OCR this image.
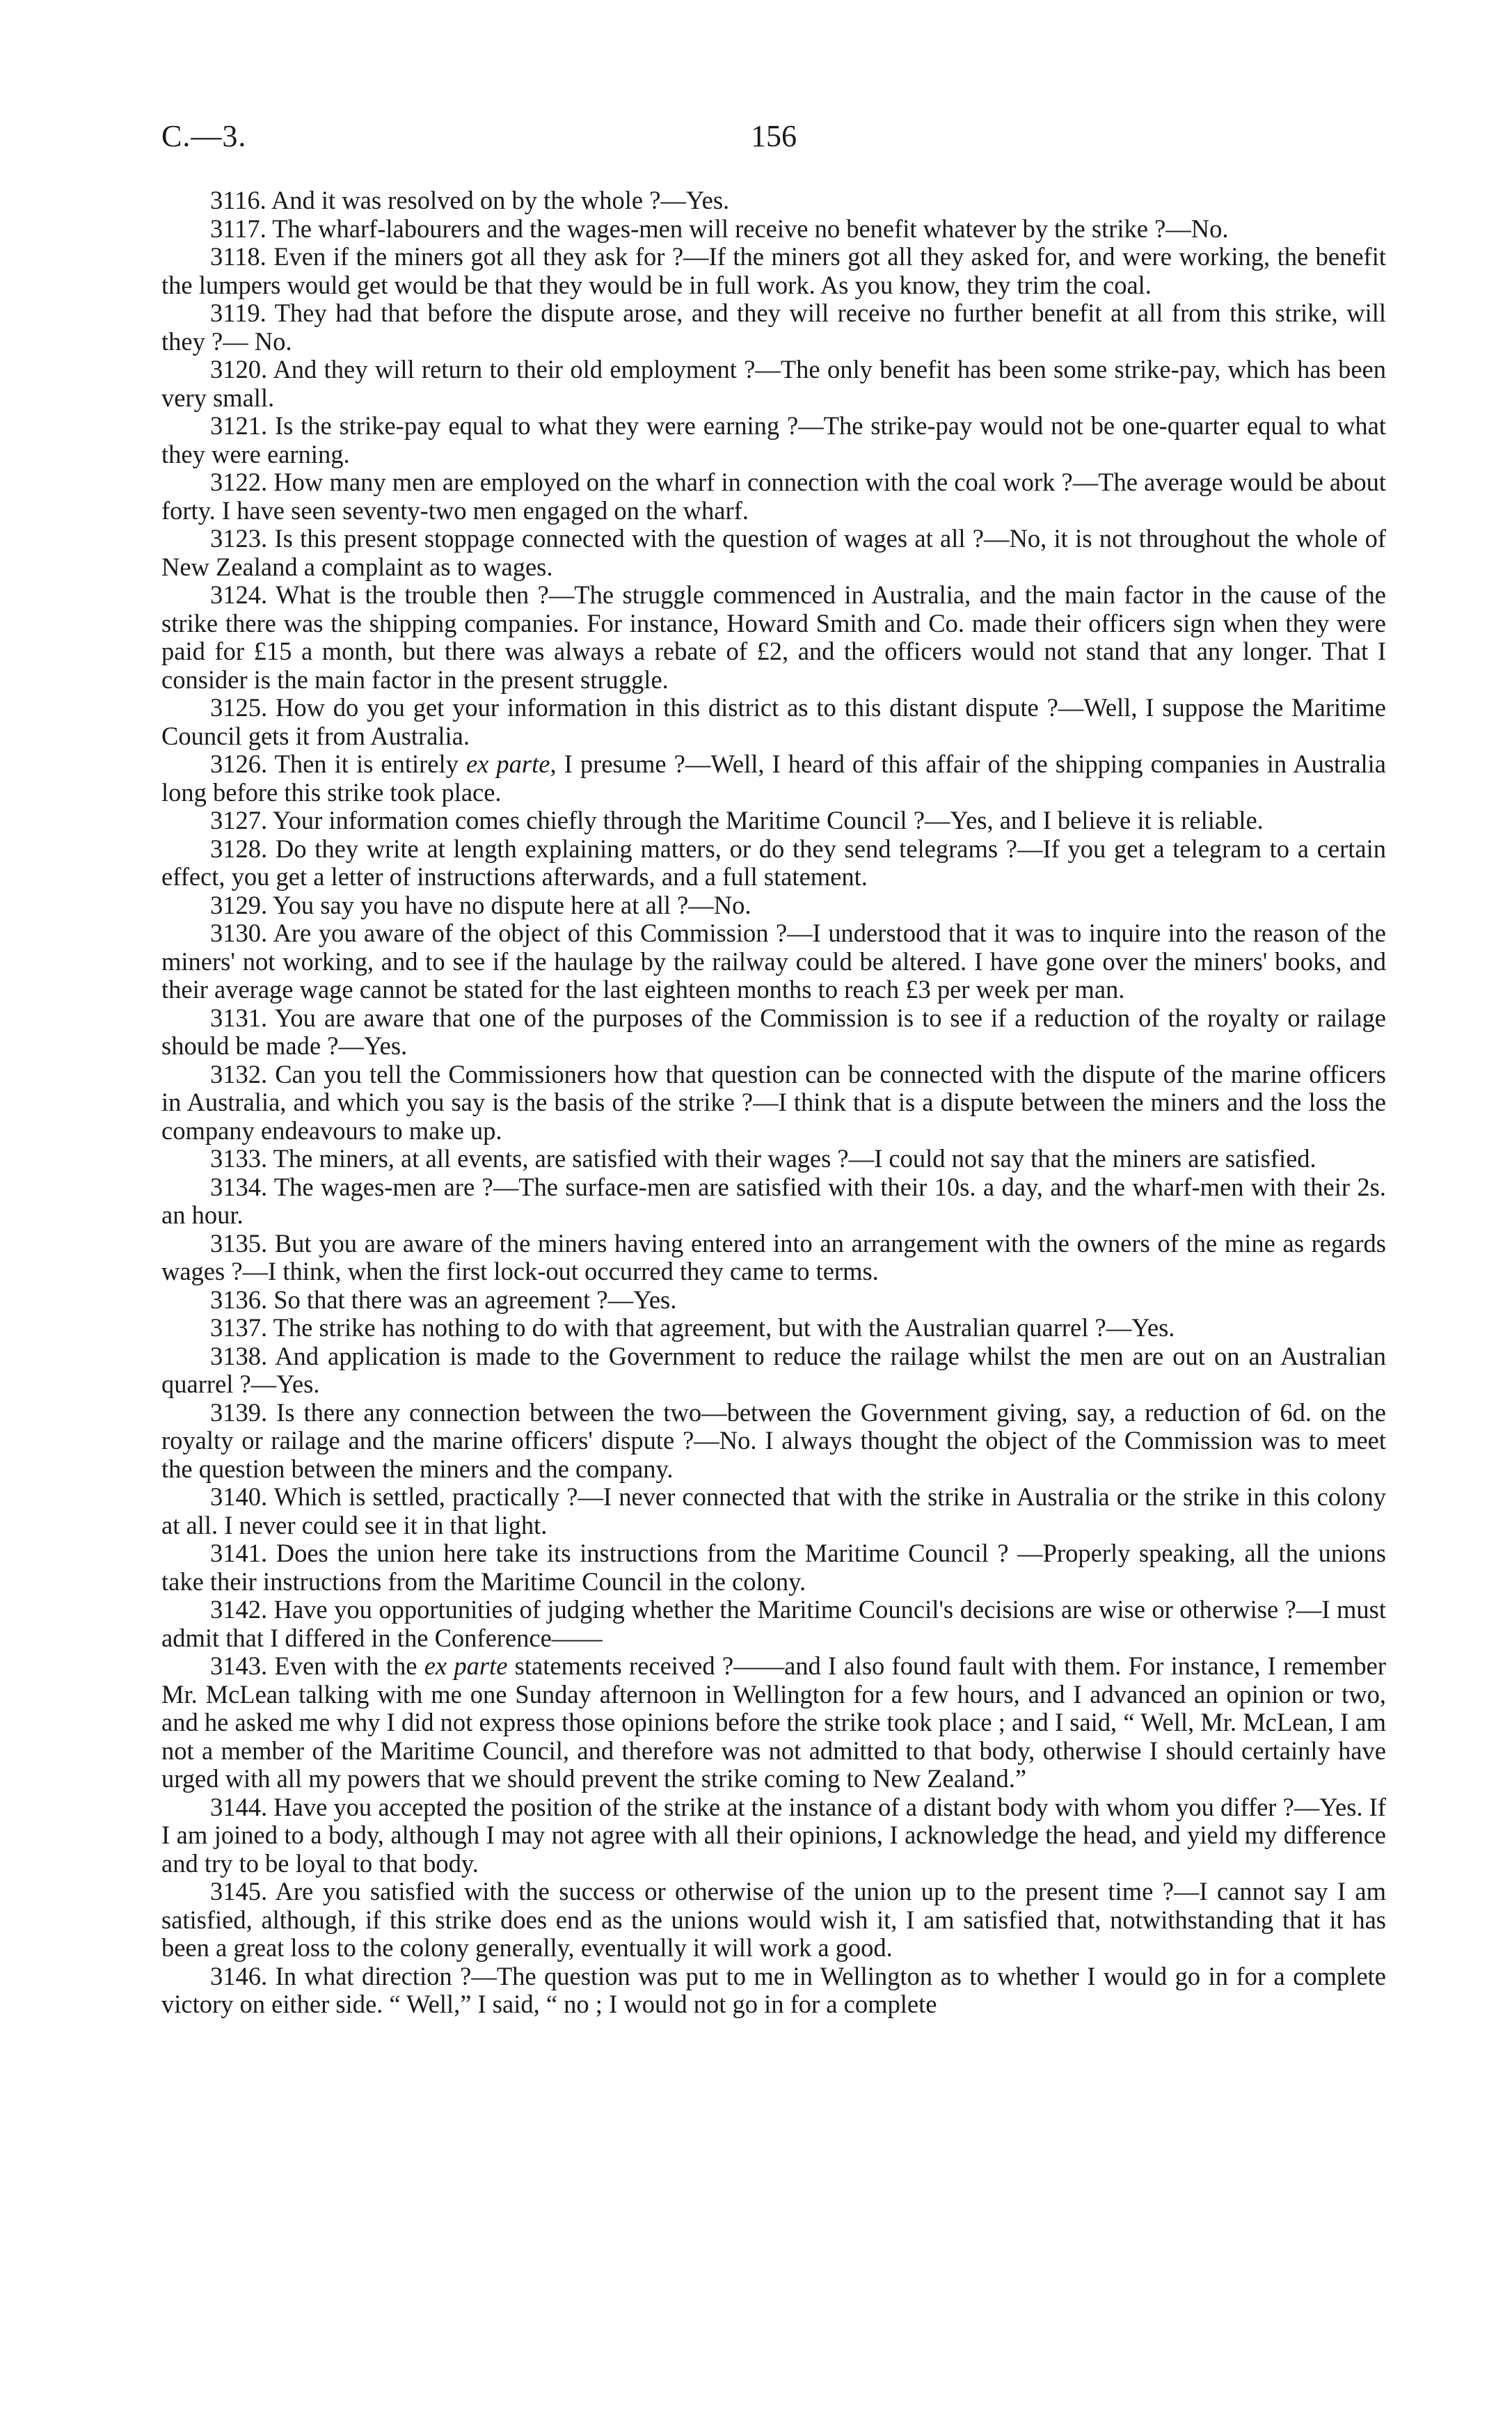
C.—3.	156

3116. And it was resolved on by the whole ?—Yes.

3117. The wharf-labourers and the wages-men will receive no benefit whatever by the strike ?—No.

3118. Even if the miners got all they ask for ?—If the miners got all they asked for, and were working, the benefit the lumpers would get would be that they would be in full work. As you know, they trim the coal.

3119. They had that before the dispute arose, and they will receive no further benefit at all from this strike, will they ?— No.

3120. And they will return to their old employment ?—The only benefit has been some strike-pay, which has been very small.

3121. Is the strike-pay equal to what they were earning ?—The strike-pay would not be one-quarter equal to what they were earning.

3122. How many men are employed on the wharf in connection with the coal work ?—The average would be about forty. I have seen seventy-two men engaged on the wharf.

3123. Is this present stoppage connected with the question of wages at all ?—No, it is not throughout the whole of New Zealand a complaint as to wages.

3124. What is the trouble then ?—The struggle commenced in Australia, and the main factor in the cause of the strike there was the shipping companies. For instance, Howard Smith and Co. made their officers sign when they were paid for £15 a month, but there was always a rebate of £2, and the officers would not stand that any longer. That I consider is the main factor in the present struggle.

3125. How do you get your information in this district as to this distant dispute ?—Well, I suppose the Maritime Council gets it from Australia.

3126. Then it is entirely ex parte, I presume ?—Well, I heard of this affair of the shipping companies in Australia long before this strike took place.

3127. Your information comes chiefly through the Maritime Council ?—Yes, and I believe it is reliable.

3128. Do they write at length explaining matters, or do they send telegrams ?—If you get a telegram to a certain effect, you get a letter of instructions afterwards, and a full statement.

3129. You say you have no dispute here at all ?—No.

3130. Are you aware of the object of this Commission ?—I understood that it was to inquire into the reason of the miners' not working, and to see if the haulage by the railway could be altered. I have gone over the miners' books, and their average wage cannot be stated for the last eighteen months to reach £3 per week per man.

3131. You are aware that one of the purposes of the Commission is to see if a reduction of the royalty or railage should be made ?—Yes.

3132. Can you tell the Commissioners how that question can be connected with the dispute of the marine officers in Australia, and which you say is the basis of the strike ?—I think that is a dispute between the miners and the loss the company endeavours to make up.

3133. The miners, at all events, are satisfied with their wages ?—I could not say that the miners are satisfied.

3134. The wages-men are ?—The surface-men are satisfied with their 10s. a day, and the wharf-men with their 2s. an hour.

3135. But you are aware of the miners having entered into an arrangement with the owners of the mine as regards wages ?—I think, when the first lock-out occurred they came to terms.

3136. So that there was an agreement ?—Yes.

3137. The strike has nothing to do with that agreement, but with the Australian quarrel ?—Yes.

3138. And application is made to the Government to reduce the railage whilst the men are out on an Australian quarrel ?—Yes.

3139. Is there any connection between the two—between the Government giving, say, a reduction of 6d. on the royalty or railage and the marine officers' dispute ?—No. I always thought the object of the Commission was to meet the question between the miners and the company.

3140. Which is settled, practically ?—I never connected that with the strike in Australia or the strike in this colony at all. I never could see it in that light.

3141. Does the union here take its instructions from the Maritime Council ? —Properly speaking, all the unions take their instructions from the Maritime Council in the colony.

3142. Have you opportunities of judging whether the Maritime Council's decisions are wise or otherwise ?—I must admit that I differed in the Conference——

3143. Even with the ex parte statements received ?——and I also found fault with them. For instance, I remember Mr. McLean talking with me one Sunday afternoon in Wellington for a few hours, and I advanced an opinion or two, and he asked me why I did not express those opinions before the strike took place ; and I said, “ Well, Mr. McLean, I am not a member of the Maritime Council, and therefore was not admitted to that body, otherwise I should certainly have urged with all my powers that we should prevent the strike coming to New Zealand.”

3144. Have you accepted the position of the strike at the instance of a distant body with whom you differ ?—Yes. If I am joined to a body, although I may not agree with all their opinions, I acknowledge the head, and yield my difference and try to be loyal to that body.

3145. Are you satisfied with the success or otherwise of the union up to the present time ?—I cannot say I am satisfied, although, if this strike does end as the unions would wish it, I am satisfied that, notwithstanding that it has been a great loss to the colony generally, eventually it will work a good.

3146. In what direction ?—The question was put to me in Wellington as to whether I would go in for a complete victory on either side. “ Well,” I said, “ no ; I would not go in for a complete
